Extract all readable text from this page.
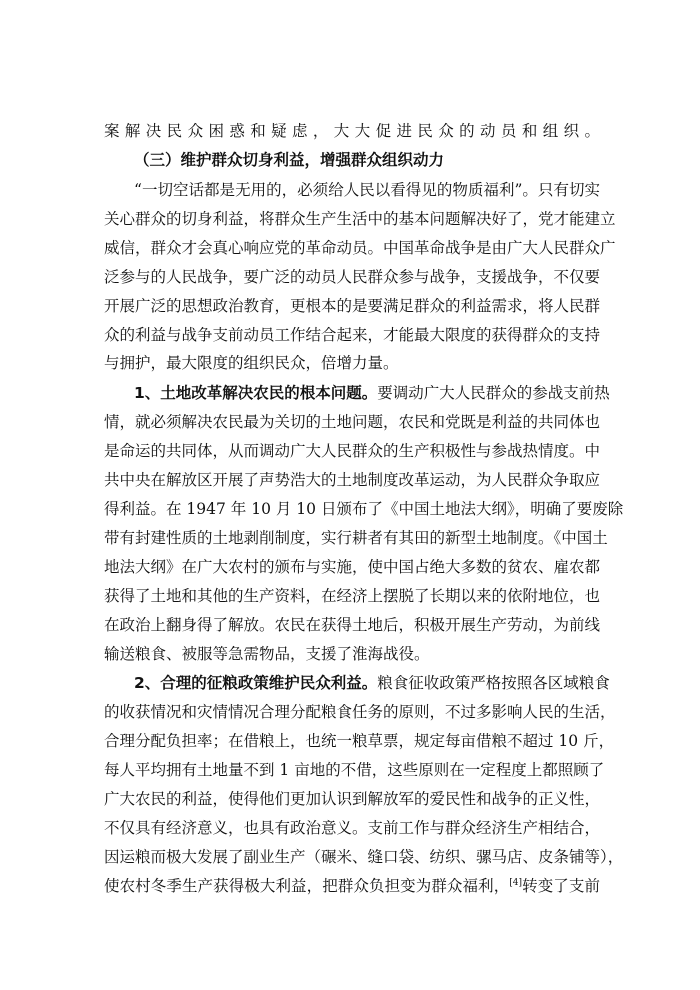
案解决民众困惑和疑虑，大大促进民众的动员和组织。
（三）维护群众切身利益，增强群众组织动力
“一切空话都是无用的，必须给人民以看得见的物质福利”。只有切实
关心群众的切身利益，将群众生产生活中的基本问题解决好了，党才能建立
威信，群众才会真心响应党的革命动员。中国革命战争是由广大人民群众广
泛参与的人民战争，要广泛的动员人民群众参与战争，支援战争，不仅要
开展广泛的思想政治教育，更根本的是要满足群众的利益需求，将人民群
众的利益与战争支前动员工作结合起来，才能最大限度的获得群众的支持
与拥护，最大限度的组织民众，倍增力量。
1、土地改革解决农民的根本问题。要调动广大人民群众的参战支前热
情，就必须解决农民最为关切的土地问题，农民和党既是利益的共同体也
是命运的共同体，从而调动广大人民群众的生产积极性与参战热情度。中
共中央在解放区开展了声势浩大的土地制度改革运动，为人民群众争取应
得利益。在 1947 年 10 月 10 日颁布了《中国土地法大纲》，明确了要废除
带有封建性质的土地剥削制度，实行耕者有其田的新型土地制度。《中国土
地法大纲》在广大农村的颁布与实施，使中国占绝大多数的贫农、雇农都
获得了土地和其他的生产资料，在经济上摆脱了长期以来的依附地位，也
在政治上翻身得了解放。农民在获得土地后，积极开展生产劳动，为前线
输送粮食、被服等急需物品，支援了淮海战役。
2、合理的征粮政策维护民众利益。粮食征收政策严格按照各区域粮食
的收获情况和灾情情况合理分配粮食任务的原则，不过多影响人民的生活，
合理分配负担率；在借粮上，也统一粮草票，规定每亩借粮不超过 10 斤，
每人平均拥有土地量不到 1 亩地的不借，这些原则在一定程度上都照顾了
广大农民的利益，使得他们更加认识到解放军的爱民性和战争的正义性，
不仅具有经济意义，也具有政治意义。支前工作与群众经济生产相结合，
因运粮而极大发展了副业生产（碾米、缝口袋、纺织、骡马店、皮条铺等），
使农村冬季生产获得极大利益，把群众负担变为群众福利，[4]转变了支前
